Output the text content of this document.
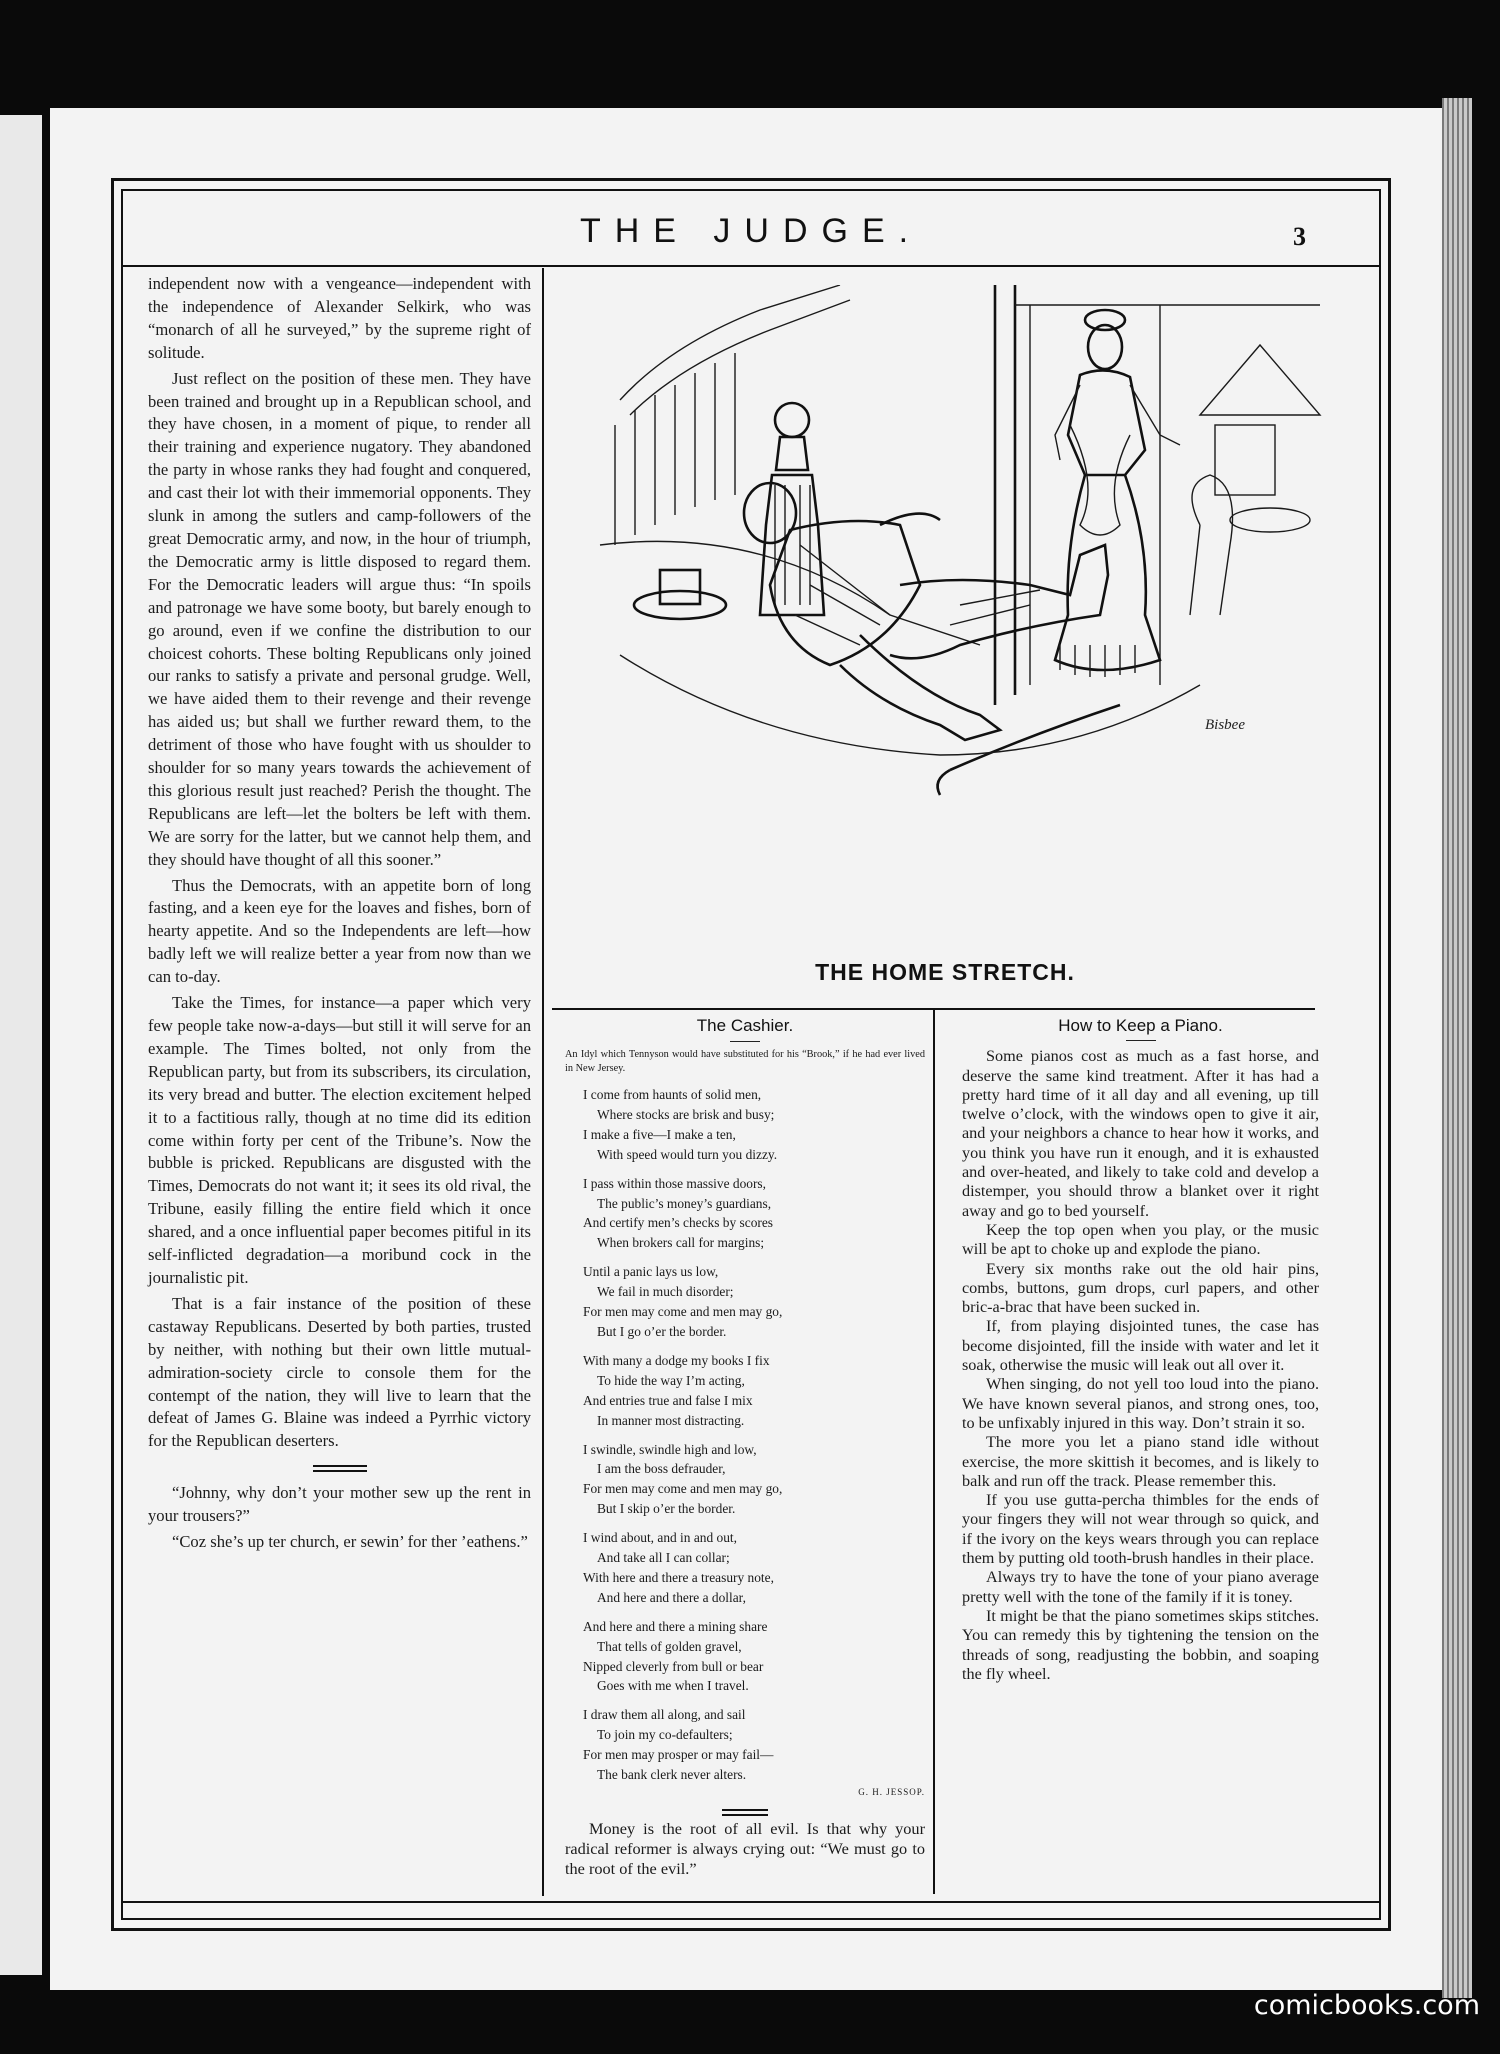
THE JUDGE.	3

independent now with a vengeance—independent with the independence of Alexander Selkirk, who was “monarch of all he surveyed,” by the supreme right of solitude.

Just reflect on the position of these men. They have been trained and brought up in a Republican school, and they have chosen, in a moment of pique, to render all their training and experience nugatory. They abandoned the party in whose ranks they had fought and conquered, and cast their lot with their immemorial opponents. They slunk in among the sutlers and camp-followers of the great Democratic army, and now, in the hour of triumph, the Democratic army is little disposed to regard them. For the Democratic leaders will argue thus: “In spoils and patronage we have some booty, but barely enough to go around, even if we confine the distribution to our choicest cohorts. These bolting Republicans only joined our ranks to satisfy a private and personal grudge. Well, we have aided them to their revenge and their revenge has aided us; but shall we further reward them, to the detriment of those who have fought with us shoulder to shoulder for so many years towards the achievement of this glorious result just reached? Perish the thought. The Republicans are left—let the bolters be left with them. We are sorry for the latter, but we cannot help them, and they should have thought of all this sooner.”

Thus the Democrats, with an appetite born of long fasting, and a keen eye for the loaves and fishes, born of hearty appetite. And so the Independents are left—how badly left we will realize better a year from now than we can to-day.

Take the Times, for instance—a paper which very few people take now-a-days—but still it will serve for an example. The Times bolted, not only from the Republican party, but from its subscribers, its circulation, its very bread and butter. The election excitement helped it to a factitious rally, though at no time did its edition come within forty per cent of the Tribune’s. Now the bubble is pricked. Republicans are disgusted with the Times, Democrats do not want it; it sees its old rival, the Tribune, easily filling the entire field which it once shared, and a once influential paper becomes pitiful in its self-inflicted degradation—a moribund cock in the journalistic pit.

That is a fair instance of the position of these castaway Republicans. Deserted by both parties, trusted by neither, with nothing but their own little mutual-admiration-society circle to console them for the contempt of the nation, they will live to learn that the defeat of James G. Blaine was indeed a Pyrrhic victory for the Republican deserters.

“Johnny, why don’t your mother sew up the rent in your trousers?”

“Coz she’s up ter church, er sewin’ for ther ’eathens.”

Bisbee
THE HOME STRETCH.
The Cashier.
An Idyl which Tennyson would have substituted for his “Brook,” if he had ever lived in New Jersey.
I come from haunts of solid men,
Where stocks are brisk and busy;
I make a five—I make a ten,
With speed would turn you dizzy.
I pass within those massive doors,
The public’s money’s guardians,
And certify men’s checks by scores
When brokers call for margins;
Until a panic lays us low,
We fail in much disorder;
For men may come and men may go,
But I go o’er the border.
With many a dodge my books I fix
To hide the way I’m acting,
And entries true and false I mix
In manner most distracting.
I swindle, swindle high and low,
I am the boss defrauder,
For men may come and men may go,
But I skip o’er the border.
I wind about, and in and out,
And take all I can collar;
With here and there a treasury note,
And here and there a dollar,
And here and there a mining share
That tells of golden gravel,
Nipped cleverly from bull or bear
Goes with me when I travel.
I draw them all along, and sail
To join my co-defaulters;
For men may prosper or may fail—
The bank clerk never alters.
G. H. JESSOP.
Money is the root of all evil. Is that why your radical reformer is always crying out: “We must go to the root of the evil.”
How to Keep a Piano.

Some pianos cost as much as a fast horse, and deserve the same kind treatment. After it has had a pretty hard time of it all day and all evening, up till twelve o’clock, with the windows open to give it air, and your neighbors a chance to hear how it works, and you think you have run it enough, and it is exhausted and over-heated, and likely to take cold and develop a distemper, you should throw a blanket over it right away and go to bed yourself.

Keep the top open when you play, or the music will be apt to choke up and explode the piano.

Every six months rake out the old hair pins, combs, buttons, gum drops, curl papers, and other bric-a-brac that have been sucked in.

If, from playing disjointed tunes, the case has become disjointed, fill the inside with water and let it soak, otherwise the music will leak out all over it.

When singing, do not yell too loud into the piano. We have known several pianos, and strong ones, too, to be unfixably injured in this way. Don’t strain it so.

The more you let a piano stand idle without exercise, the more skittish it becomes, and is likely to balk and run off the track. Please remember this.

If you use gutta-percha thimbles for the ends of your fingers they will not wear through so quick, and if the ivory on the keys wears through you can replace them by putting old tooth-brush handles in their place.

Always try to have the tone of your piano average pretty well with the tone of the family if it is toney.

It might be that the piano sometimes skips stitches. You can remedy this by tightening the tension on the threads of song, readjusting the bobbin, and soaping the fly wheel.

comicbooks.com
